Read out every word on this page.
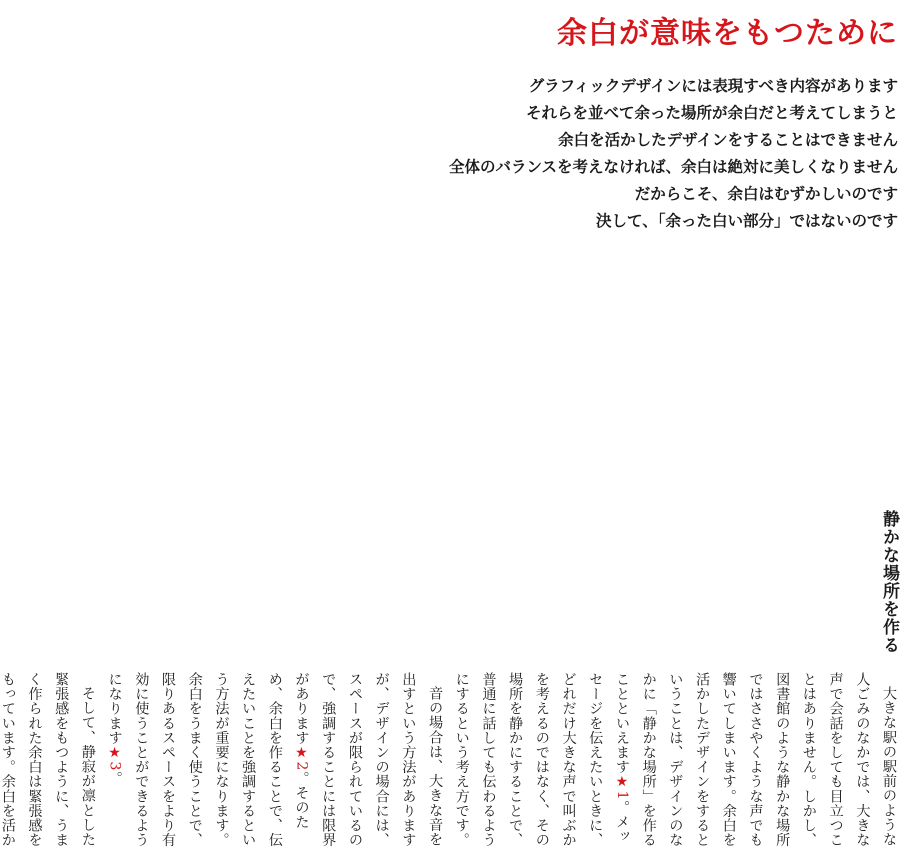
余白が意味をもつために
グラフィックデザインには表現すべき内容があります
それらを並べて余った場所が余白だと考えてしまうと
余白を活かしたデザインをすることはできません
全体のバランスを考えなければ、余白は絶対に美しくなりません
だからこそ、余白はむずかしいのです
決して、「余った白い部分」ではないのです
静かな場所を作る

大きな駅の駅前のような人ごみのなかでは、大きな声で会話をしても目立つことはありません。しかし、図書館のような静かな場所ではささやくような声でも響いてしまいます。余白を活かしたデザインをするということは、デザインのなかに「静かな場所」を作ることといえます★1。メッセージを伝えたいときに、どれだけ大きな声で叫ぶかを考えるのではなく、その場所を静かにすることで、普通に話しても伝わるようにするという考え方です。

音の場合は、大きな音を出すという方法がありますが、デザインの場合には、スペースが限られているので、強調することには限界があります★2。そのため、余白を作ることで、伝えたいことを強調するという方法が重要になります。余白をうまく使うことで、限りあるスペースをより有効に使うことができるようになります★3。

そして、静寂が凛とした緊張感をもつように、うまく作られた余白は緊張感をもっています。余白を活か
